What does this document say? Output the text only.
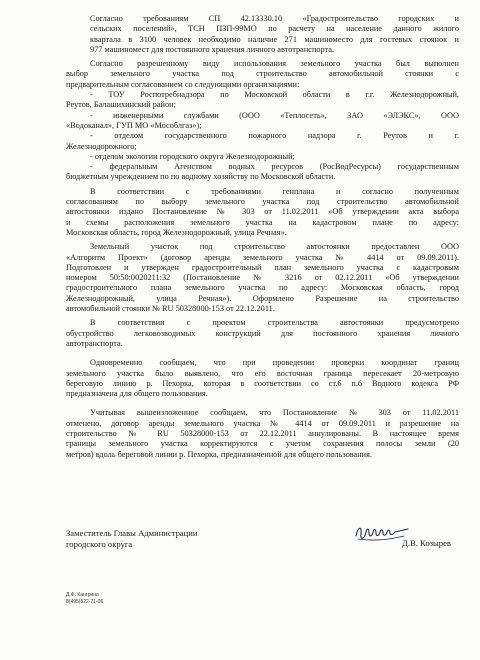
Согласно требованиям СП 42.13330.10 «Градостроительство городских и
сельских поселений», ТСН ПЗП-99МО по расчету на население данного жилого
квартала в 3100 человек необходимо наличие 271 машиноместо для гостевых стоянок и
977 машиномест для постоянного хранения личного автотранспорта.

Согласно разрешенному виду использования земельного участка был выполнен
выбор земельного участка под строительство автомобильной стоянки с
предварительным согласованием со следующими организациями:
- ТОУ Роспотребнадзора по Московской области в г.г. Железнодорожный,
Реутов, Балашихинский район;
- инженерными службами (ООО «Теплосеть», ЗАО «ЭЛЭКС», ООО
«Водоканал», ГУП МО «Мособлгаз»);
- отделом государственного пожарного надзора г. Реутов и г.
Железнодорожного;
- отделом экологии городского округа Железнодорожный;
- федеральным Агенством водных ресурсов (РосВодРесурсы) государственным
бюджетным учреждением по по водному хозяйству по Московской области.

В соответствии с требованиями генплана и согласно полученным
согласованиям по выбору земельного участка под строительство автомобильной
автостоянки издано Постановление № 303 от 11.02.2011 «Об утверждении акта выбора
и схемы расположения земельного участка на кадастровом плане по адресу:
Московская область, город Железнодорожный, улица Речная».

Земельный участок под строительство автостоянки предоставлен ООО
«Алгоритм Проект» (договор аренды земельного участка № 4414 от 09.09.2011).
Подготовлен и утвержден градостроительный план земельного участка с кадастровым
номером 50:50:0020211:32 (Постановление № 3216 от 02.12.2011 «Об утверждении
градостроительного плана земельного участка по адресу: Московская область, город
Железнодорожный, улица Речная»). Оформлено Разрешение на строительство
автомобильной стоянки № RU 50328000-153 от 22.12.2011.

В соответствии с проектом строительства автостоянки предусмотрено
обустройство легковозводимых конструкций для постоянного хранения личного
автотранспорта.

Одновременно сообщаем, что при проведении проверки координат границ
земельного участка было выявлено, что его восточная граница пересекает 20-метровую
береговую линию р. Пехорка, которая в соответствии со ст.6 п.6 Водного кодекса РФ
предназначена для общего пользования.

Учитывая вышеизложенное сообщаем, что Постановление № 303 от 11.02.2011
отменено, договор аренды земельного участка № 4414 от 09.09.2011 и разрешение на
строительство № RU 50328000-153 от 22.12.2011 аннулированы. В настоящее время
границы земельного участка корректируются с учетом сохранения полосы земли (20
метров) вдоль береговой линии р. Пехорка, предназначенной для общего пользования.

Заместитель Главы Администрации
городского округа	Д.В. Козырев
Д.Ф. Кангрина
8(495)522-71-06
